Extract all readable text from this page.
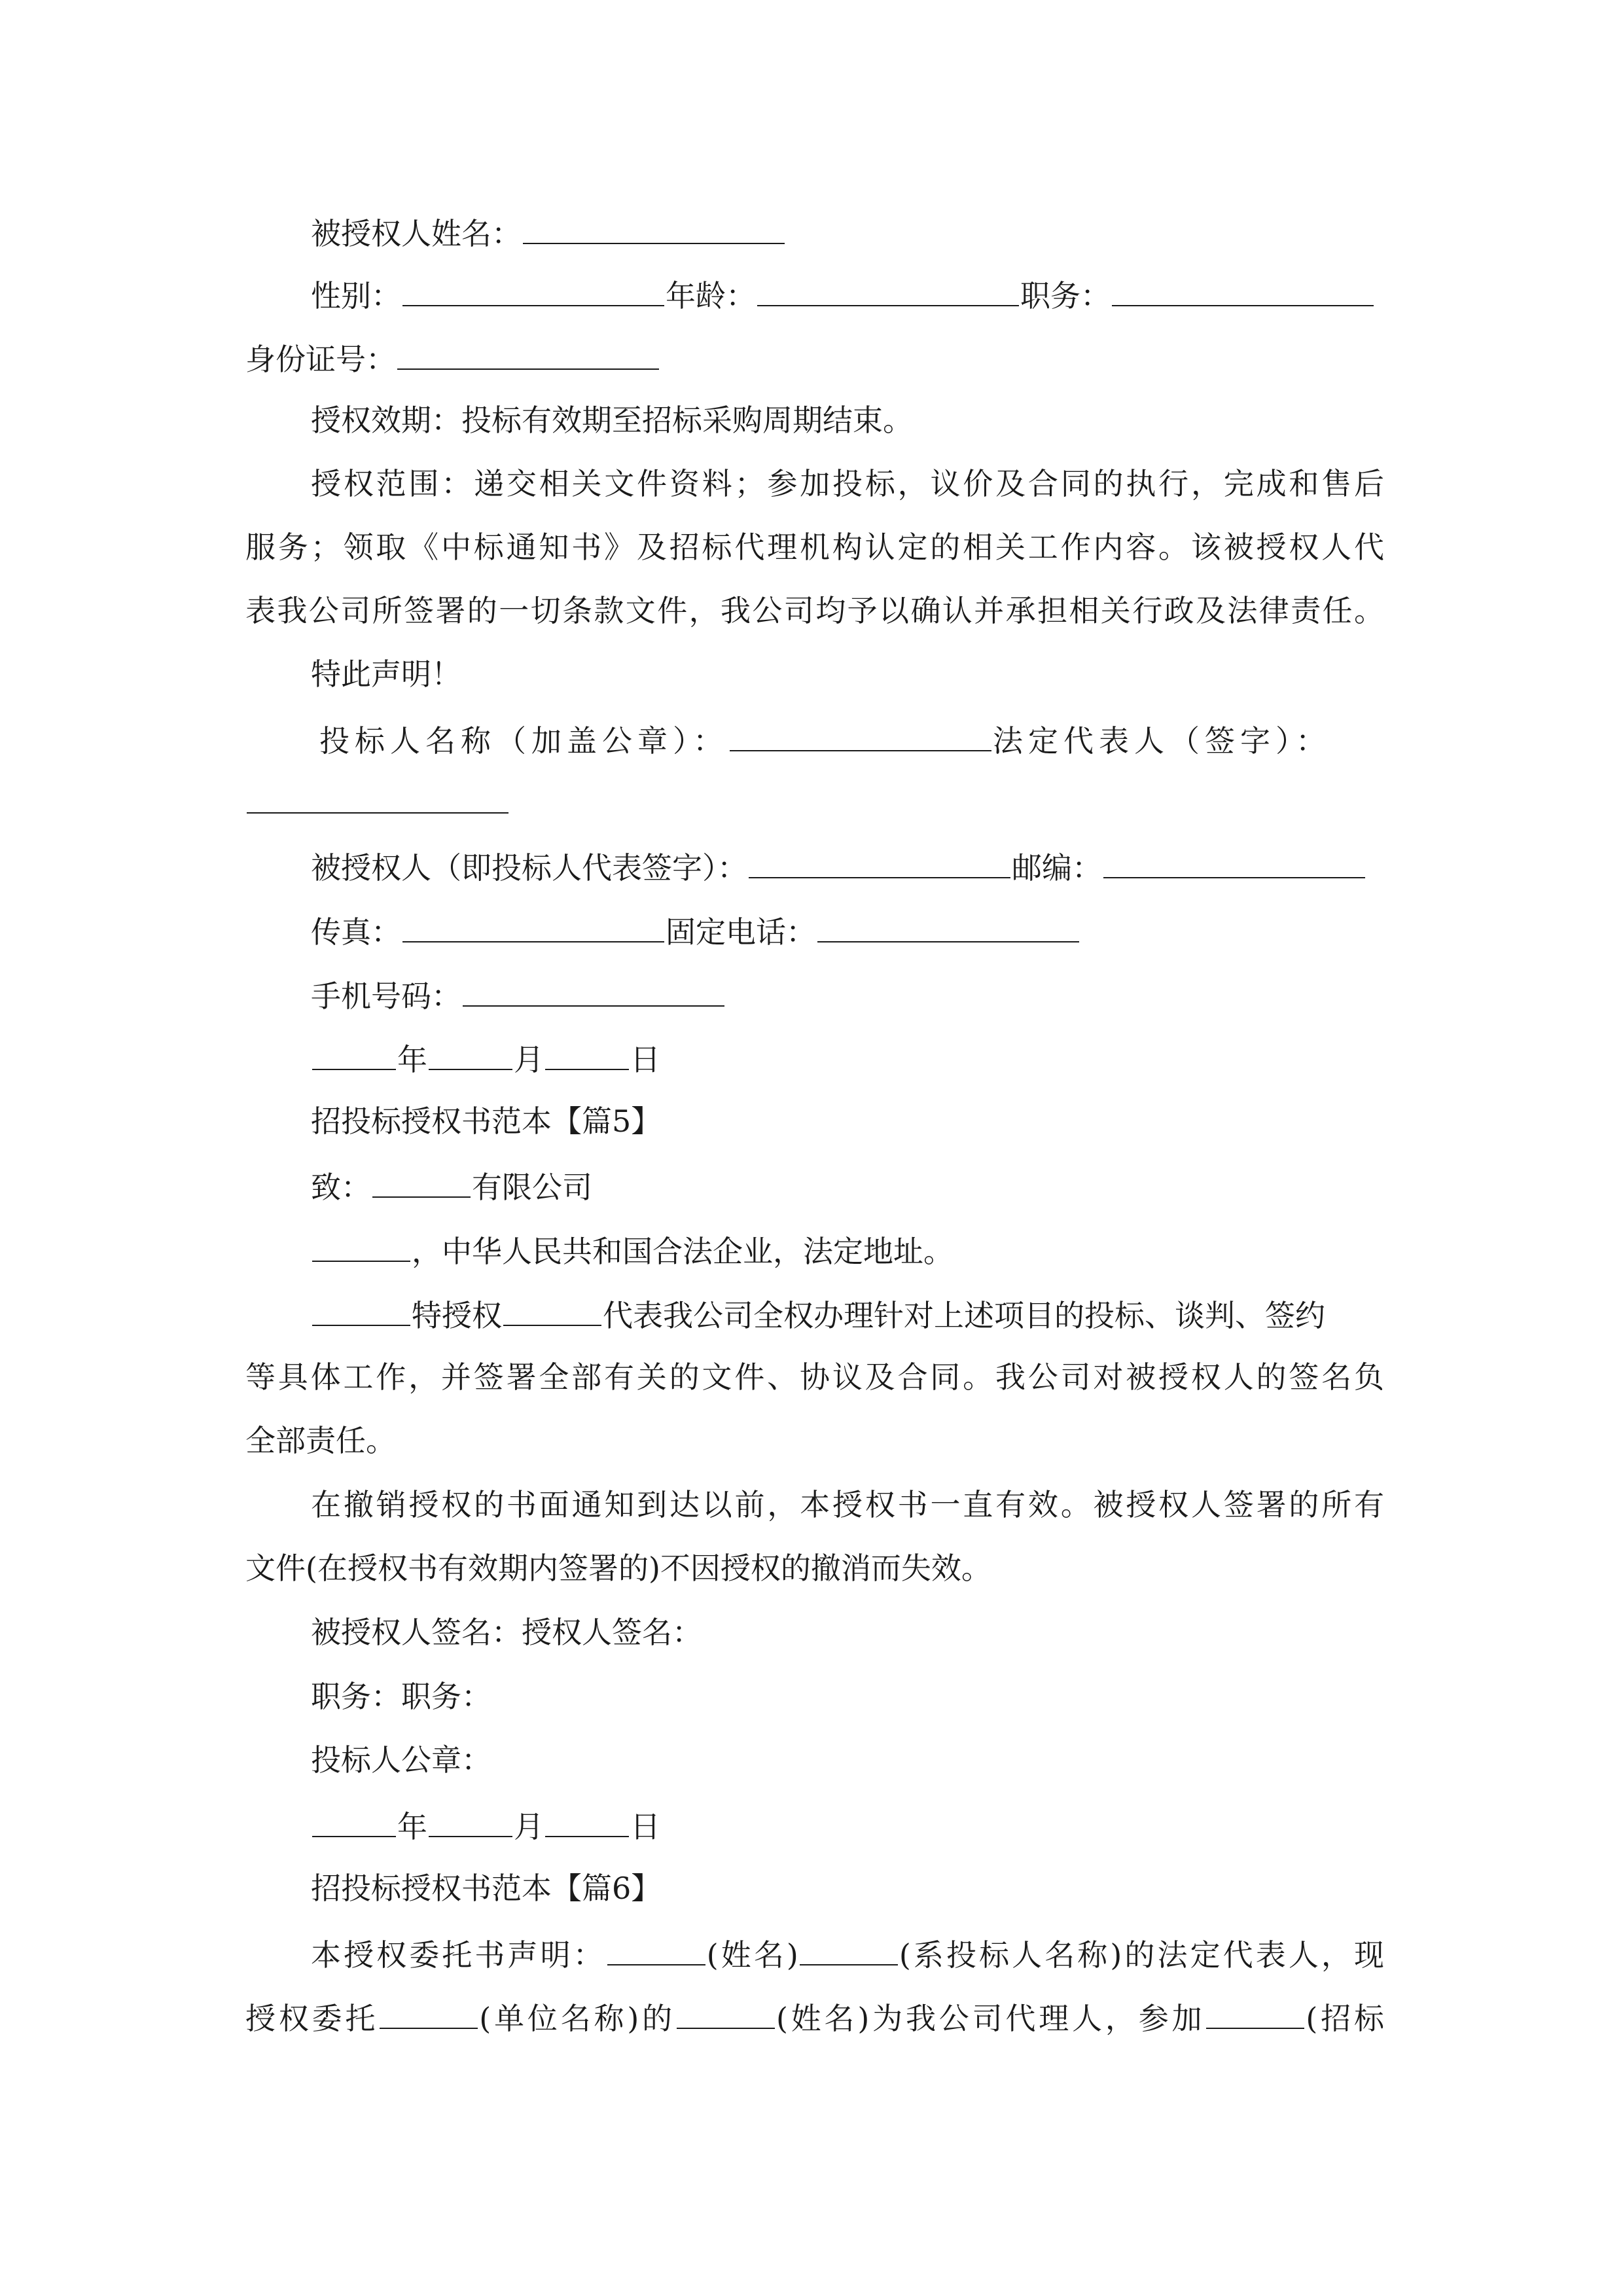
被授权人姓名：
性别：	年龄：	职务：
身份证号：
授权效期：投标有效期至招标采购周期结束。
授权范围：递交相关文件资料；参加投标，议价及合同的执行，完成和售后
服务；领取《中标通知书》及招标代理机构认定的相关工作内容。该被授权人代
表我公司所签署的一切条款文件，我公司均予以确认并承担相关行政及法律责任。
特此声明！
投标人名称（加盖公章）：	法定代表人（签字）：
被授权人（即投标人代表签字）：	邮编：
传真：	固定电话：
手机号码：
年	月	日
招投标授权书范本【篇5】
致：	有限公司
，中华人民共和国合法企业，法定地址。
特授权	代表我公司全权办理针对上述项目的投标、谈判、签约
等具体工作，并签署全部有关的文件、协议及合同。我公司对被授权人的签名负
全部责任。
在撤销授权的书面通知到达以前，本授权书一直有效。被授权人签署的所有
文件(在授权书有效期内签署的)不因授权的撤消而失效。
被授权人签名：授权人签名：
职务：职务：
投标人公章：
年	月	日
招投标授权书范本【篇6】
本授权委托书声明：	(姓名)	(系投标人名称)的法定代表人，现
授权委托	(单位名称)的	(姓名)为我公司代理人，参加	(招标
